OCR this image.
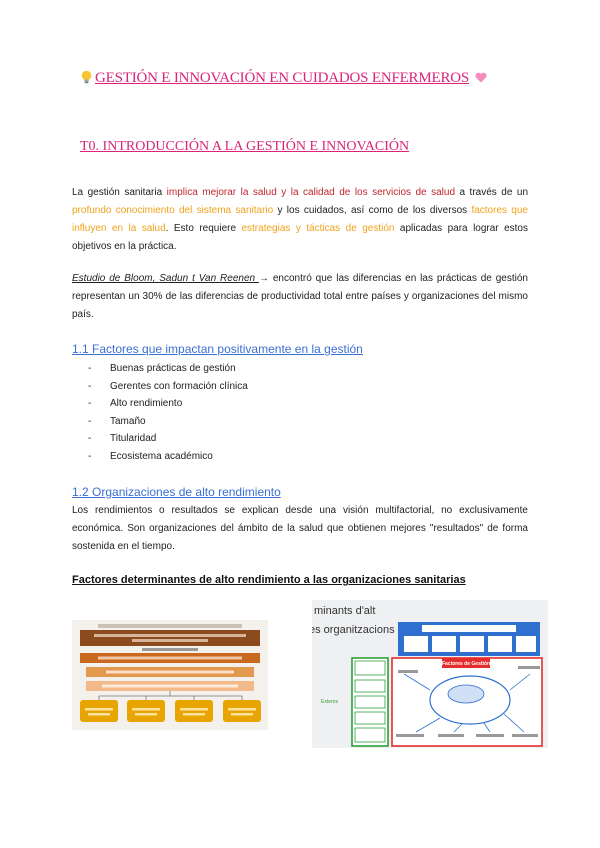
GESTIÓN E INNOVACIÓN EN CUIDADOS ENFERMEROS
T0. INTRODUCCIÓN A LA GESTIÓN E INNOVACIÓN

La gestión sanitaria implica mejorar la salud y la calidad de los servicios de salud a través de un profundo conocimiento del sistema sanitario y los cuidados, así como de los diversos factores que influyen en la salud. Esto requiere estrategias y tácticas de gestión aplicadas para lograr estos objetivos en la práctica.

Estudio de Bloom, Sadun t Van Reenen → encontró que las diferencias en las prácticas de gestión representan un 30% de las diferencias de productividad total entre países y organizaciones del mismo país.

1.1 Factores que impactan positivamente en la gestión
- Buenas prácticas de gestión
- Gerentes con formación clínica
- Alto rendimiento
- Tamaño
- Titularidad
- Ecosistema académico
1.2 Organizaciones de alto rendimiento

Los rendimientos o resultados se explican desde una visión multifactorial, no exclusivamente económica. Son organizaciones del ámbito de la salud que obtienen mejores "resultados" de forma sostenida en el tiempo.

Factores determinantes de alto rendimiento a las organizaciones sanitarias
minants d'alt
es organitzacions
Externs
Factores de Gestión
